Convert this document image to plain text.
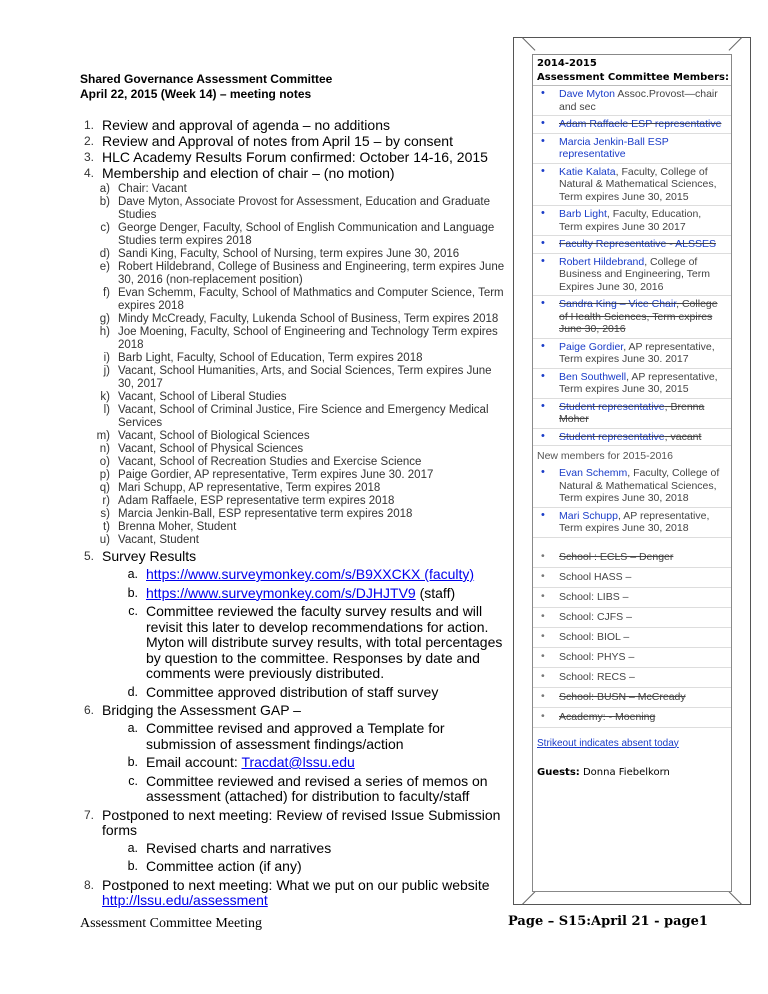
Shared Governance Assessment Committee
April 22, 2015 (Week 14) – meeting notes
1. Review and approval of agenda – no additions
2. Review and Approval of notes from April 15 – by consent
3. HLC Academy Results Forum confirmed: October 14-16, 2015
4. Membership and election of chair – (no motion)
a) Chair: Vacant
b) Dave Myton, Associate Provost for Assessment, Education and Graduate Studies
c) George Denger, Faculty, School of English Communication and Language Studies term expires 2018
d) Sandi King, Faculty, School of Nursing, term expires June 30, 2016
e) Robert Hildebrand, College of Business and Engineering, term expires June 30, 2016 (non-replacement position)
f) Evan Schemm, Faculty, School of Mathmatics and Computer Science, Term expires 2018
g) Mindy McCready, Faculty, Lukenda School of Business, Term expires 2018
h) Joe Moening, Faculty, School of Engineering and Technology Term expires 2018
i) Barb Light, Faculty, School of Education, Term expires 2018
j) Vacant, School Humanities, Arts, and Social Sciences, Term expires June 30, 2017
k) Vacant, School of Liberal Studies
l) Vacant, School of Criminal Justice, Fire Science and Emergency Medical Services
m) Vacant, School of Biological Sciences
n) Vacant, School of Physical Sciences
o) Vacant, School of Recreation Studies and Exercise Science
p) Paige Gordier, AP representative, Term expires June 30. 2017
q) Mari Schupp, AP representative, Term expires 2018
r) Adam Raffaele, ESP representative term expires 2018
s) Marcia Jenkin-Ball, ESP representative term expires 2018
t) Brenna Moher, Student
u) Vacant, Student
5. Survey Results
a. https://www.surveymonkey.com/s/B9XXCKX (faculty)
b. https://www.surveymonkey.com/s/DJHJTV9 (staff)
c. Committee reviewed the faculty survey results and will revisit this later to develop recommendations for action. Myton will distribute survey results, with total percentages by question to the committee. Responses by date and comments were previously distributed.
d. Committee approved distribution of staff survey
6. Bridging the Assessment GAP –
a. Committee revised and approved a Template for submission of assessment findings/action
b. Email account: Tracdat@lssu.edu
c. Committee reviewed and revised a series of memos on assessment (attached) for distribution to faculty/staff
7. Postponed to next meeting: Review of revised Issue Submission forms
a. Revised charts and narratives
b. Committee action (if any)
8. Postponed to next meeting: What we put on our public website
http://lssu.edu/assessment
2014-2015
Assessment Committee Members:
• Dave Myton Assoc.Provost—chair and sec
• Adam Raffaele ESP representative
• Marcia Jenkin-Ball ESP representative
• Katie Kalata, Faculty, College of Natural & Mathematical Sciences, Term expires June 30, 2015
• Barb Light, Faculty, Education, Term expires June 30 2017
• Faculty Representative - ALSSES
• Robert Hildebrand, College of Business and Engineering, Term Expires June 30, 2016
• Sandra King – Vice Chair, College of Health Sciences, Term expires June 30, 2016
• Paige Gordier, AP representative, Term expires June 30. 2017
• Ben Southwell, AP representative, Term expires June 30, 2015
• Student representative, Brenna Moher
• Student representative, vacant
New members for 2015-2016
• Evan Schemm, Faculty, College of Natural & Mathematical Sciences, Term expires June 30, 2018
• Mari Schupp, AP representative, Term expires June 30, 2018
• School : ECLS – Denger
• School HASS –
• School: LIBS –
• School: CJFS –
• School: BIOL –
• School: PHYS –
• School: RECS –
• School: BUSN – McCready
• Academy: - Moening
Strikeout indicates absent today
Guests: Donna Fiebelkorn
Assessment Committee Meeting	Page – S15:April 21 - page1
